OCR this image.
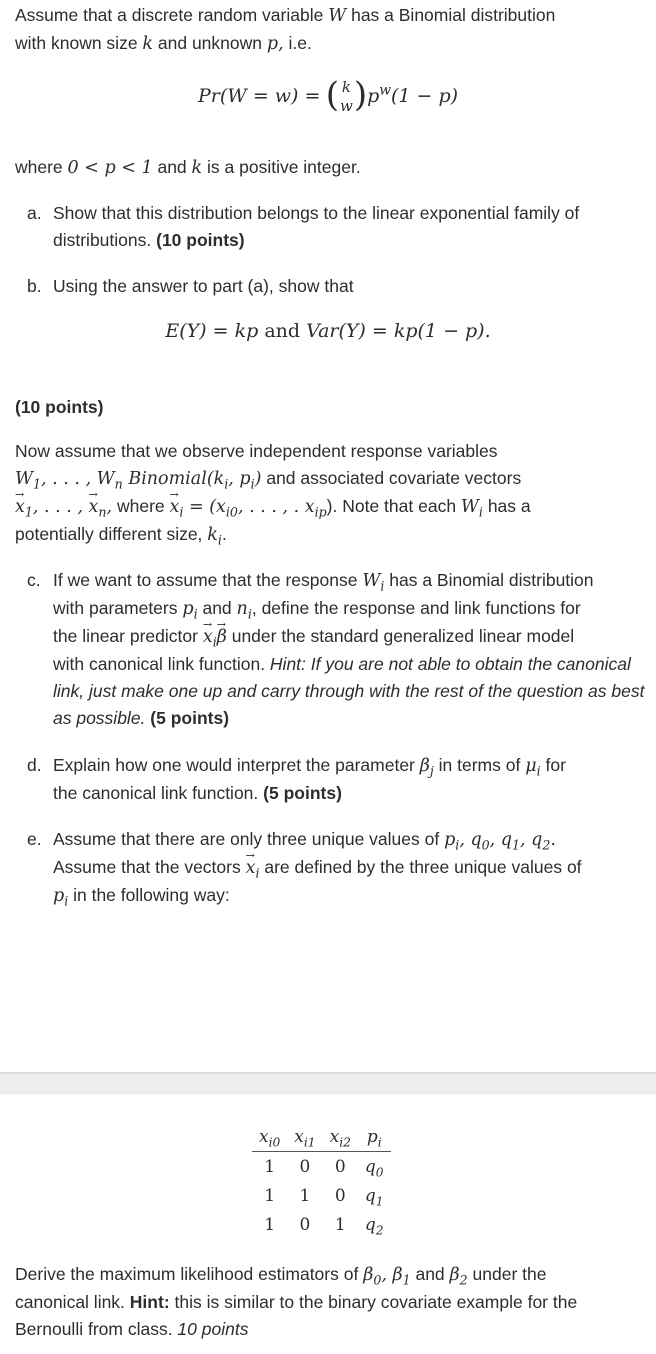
Assume that a discrete random variable W has a Binomial distribution
with known size k and unknown p, i.e.
Pr(W = w) = ( k
$w)p^w(1 - p)$
where 0 < p < 1 and k is a positive integer.
a. Show that this distribution belongs to the linear exponential family of distributions. (10 points)
b. Using the answer to part (a), show that
E(Y) = kp and Var(Y) = kp(1 − p).
(10 points)
Now assume that we observe independent response variables
$W_1$, . . . , $W_n$ $Binomial(k_i$, $p_i$) and associated covariate vectors
→ $x_1$, . . . , → $x_n$, where → $x_i = (x_{i0}$, . . . , . $x_{ip}$). Note that each $W_i$ has a
potentially different size, $k_i$.
c. If we want to assume that the response $W_i$ has a Binomial distribution
with parameters $p_i$ and $n_i$, define the response and link functions for
the linear predictor → $x_i\to \beta$ under the standard generalized linear model
with canonical link function. Hint: If you are not able to obtain the canonical link, just make one up and carry through with the rest of the question as best as possible. (5 points)
d. Explain how one would interpret the parameter $\beta_j$ in terms of $\mu_i$ for
the canonical link function. (5 points)
e. Assume that there are only three unique values of $p_i$, $q_0$, $q_1$, $q_2$.
Assume that the vectors → $x_i$ are defined by the three unique values of
$p_i$ in the following way:
$x_{i0}$	$x_{i1}$	$x_{i2}$	$p_i$
1	0	0	$q_0$
1	1	0	$q_1$
1	0	1	$q_2$
Derive the maximum likelihood estimators of $\beta_0$, $\beta_1$ and $\beta_2$ under the
canonical link. Hint: this is similar to the binary covariate example for the
Bernoulli from class. 10 points
